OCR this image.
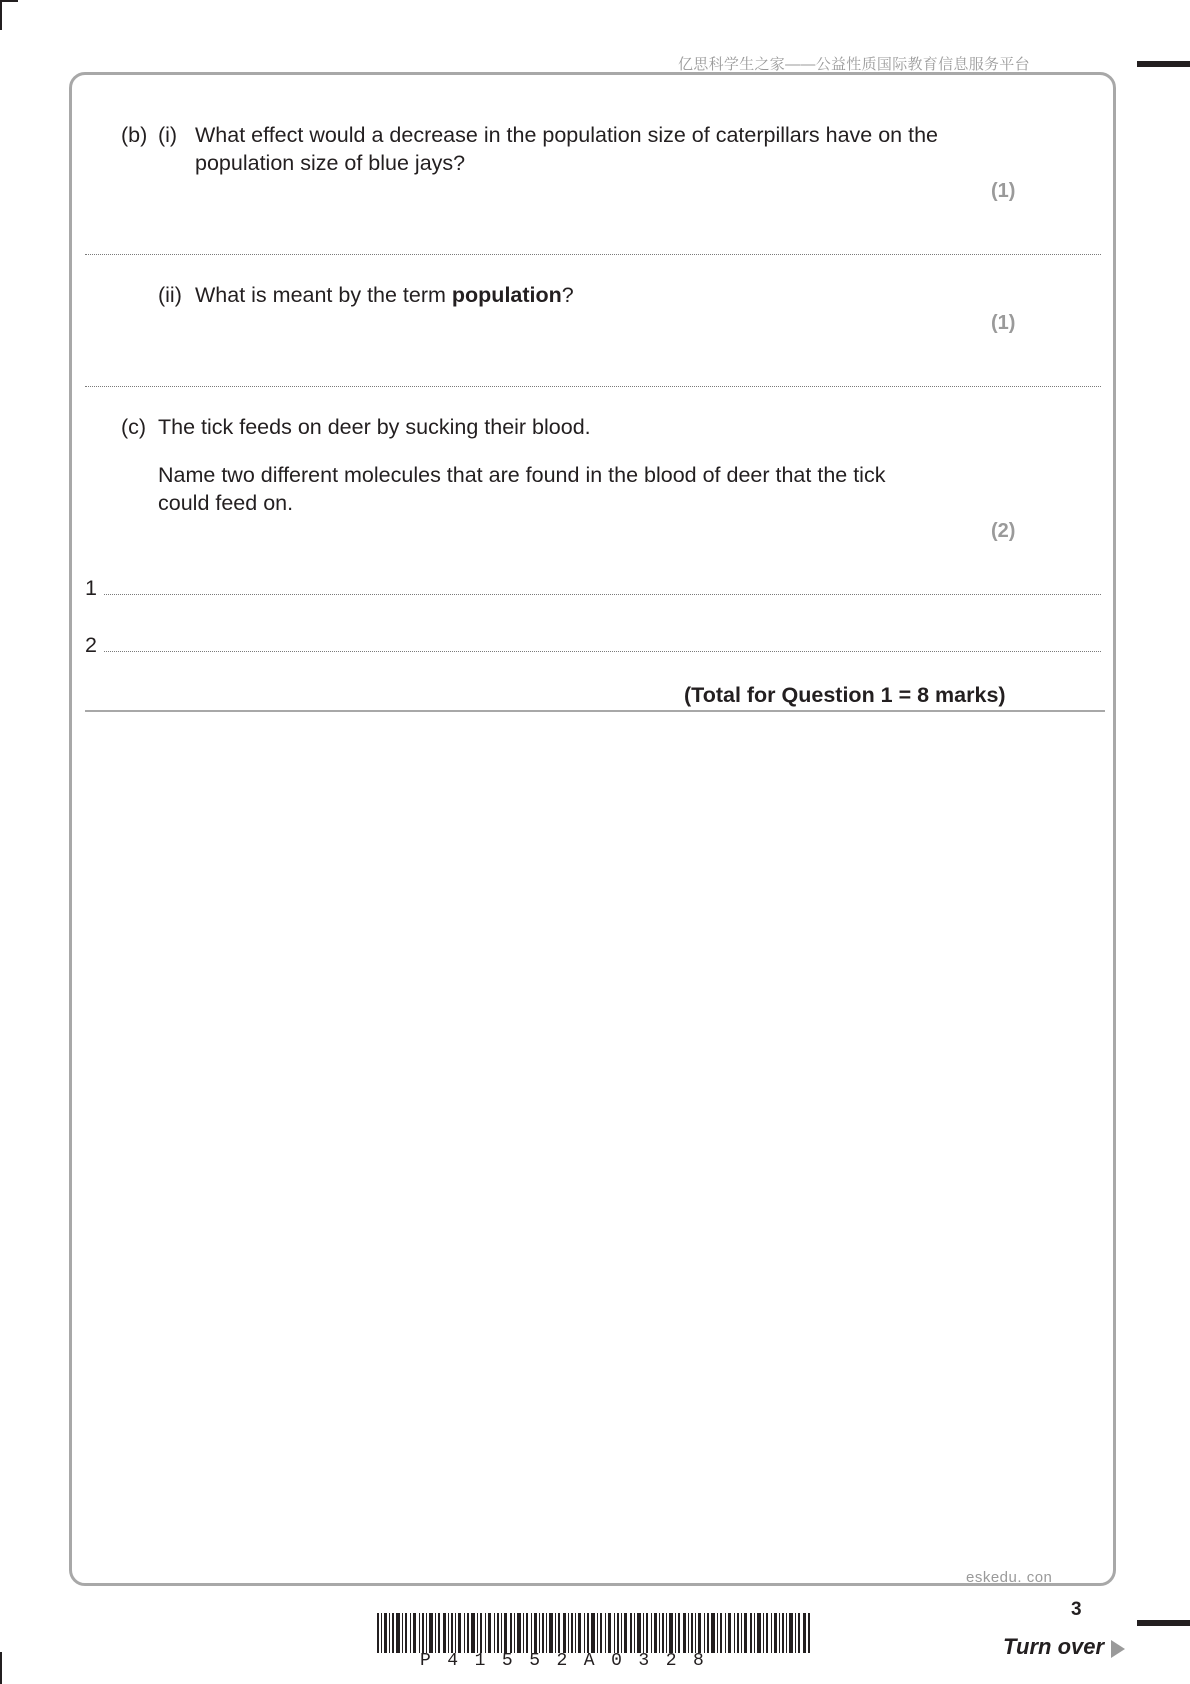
亿思科学生之家——公益性质国际教育信息服务平台
(b) (i) What effect would a decrease in the population size of caterpillars have on the
population size of blue jays?
(1)
(ii) What is meant by the term population?
(1)
(c) The tick feeds on deer by sucking their blood.
Name two different molecules that are found in the blood of deer that the tick
could feed on.
(2)
1
2
(Total for Question 1 = 8 marks)
eskedu. con
3
P41552A0328
Turn over
